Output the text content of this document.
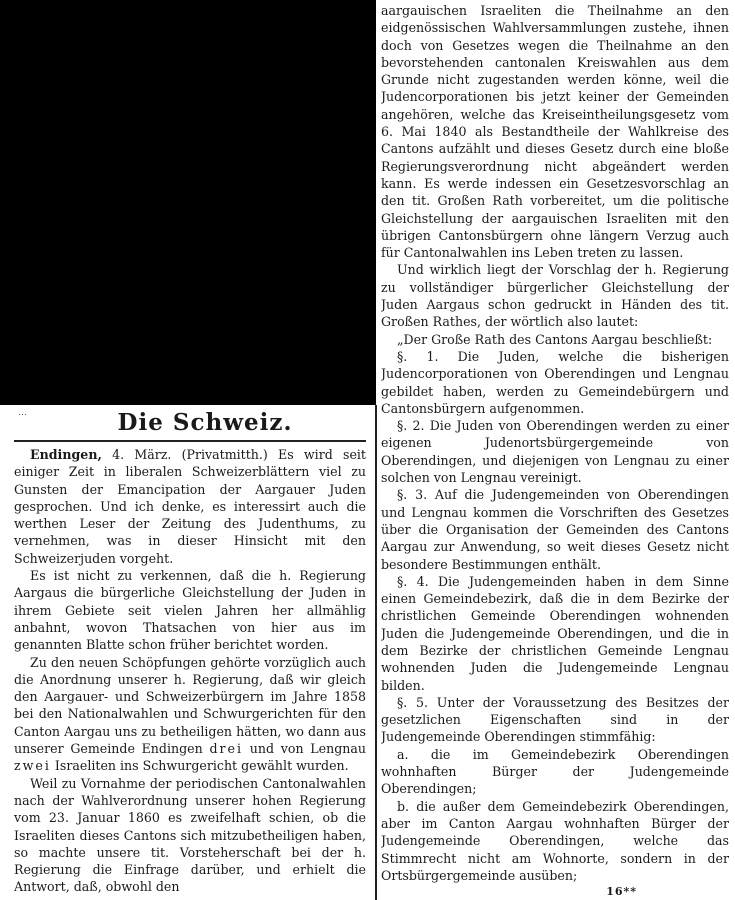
…	Die Schweiz.

Endingen, 4. März. (Privatmitth.) Es wird seit einiger Zeit in liberalen Schweizerblättern viel zu Gunsten der Emancipation der Aargauer Juden gesprochen. Und ich denke, es interessirt auch die werthen Leser der Zeitung des Judenthums, zu vernehmen, was in dieser Hinsicht mit den Schweizerjuden vorgeht.

Es ist nicht zu verkennen, daß die h. Regierung Aargaus die bürgerliche Gleichstellung der Juden in ihrem Gebiete seit vielen Jahren her allmählig anbahnt, wovon Thatsachen von hier aus im genannten Blatte schon früher berichtet worden.

Zu den neuen Schöpfungen gehörte vorzüglich auch die Anordnung unserer h. Regierung, daß wir gleich den Aargauer- und Schweizerbürgern im Jahre 1858 bei den Nationalwahlen und Schwurgerichten für den Canton Aargau uns zu betheiligen hätten, wo dann aus unserer Gemeinde Endingen drei und von Lengnau zwei Israeliten ins Schwurgericht gewählt wurden.

Weil zu Vornahme der periodischen Cantonalwahlen nach der Wahlverordnung unserer hohen Regierung vom 23. Januar 1860 es zweifelhaft schien, ob die Israeliten dieses Cantons sich mitzubetheiligen haben, so machte unsere tit. Vorsteherschaft bei der h. Regierung die Einfrage darüber, und erhielt die Antwort, daß, obwohl den

aargauischen Israeliten die Theilnahme an den eidgenössischen Wahlversammlungen zustehe, ihnen doch von Gesetzes wegen die Theilnahme an den bevorstehenden cantonalen Kreiswahlen aus dem Grunde nicht zugestanden werden könne, weil die Judencorporationen bis jetzt keiner der Gemeinden angehören, welche das Kreiseintheilungsgesetz vom 6. Mai 1840 als Bestandtheile der Wahlkreise des Cantons aufzählt und dieses Gesetz durch eine bloße Regierungsverordnung nicht abgeändert werden kann. Es werde indessen ein Gesetzesvorschlag an den tit. Großen Rath vorbereitet, um die politische Gleichstellung der aargauischen Israeliten mit den übrigen Cantonsbürgern ohne längern Verzug auch für Cantonalwahlen ins Leben treten zu lassen.

Und wirklich liegt der Vorschlag der h. Regierung zu vollständiger bürgerlicher Gleichstellung der Juden Aargaus schon gedruckt in Händen des tit. Großen Rathes, der wörtlich also lautet:

„Der Große Rath des Cantons Aargau beschließt:

§. 1. Die Juden, welche die bisherigen Judencorporationen von Oberendingen und Lengnau gebildet haben, werden zu Gemeindebürgern und Cantonsbürgern aufgenommen.

§. 2. Die Juden von Oberendingen werden zu einer eigenen Judenortsbürgergemeinde von Oberendingen, und diejenigen von Lengnau zu einer solchen von Lengnau vereinigt.

§. 3. Auf die Judengemeinden von Oberendingen und Lengnau kommen die Vorschriften des Gesetzes über die Organisation der Gemeinden des Cantons Aargau zur Anwendung, so weit dieses Gesetz nicht besondere Bestimmungen enthält.

§. 4. Die Judengemeinden haben in dem Sinne einen Gemeindebezirk, daß die in dem Bezirke der christlichen Gemeinde Oberendingen wohnenden Juden die Judengemeinde Oberendingen, und die in dem Bezirke der christlichen Gemeinde Lengnau wohnenden Juden die Judengemeinde Lengnau bilden.

§. 5. Unter der Voraussetzung des Besitzes der gesetzlichen Eigenschaften sind in der Judengemeinde Oberendingen stimmfähig:

a. die im Gemeindebezirk Oberendingen wohnhaften Bürger der Judengemeinde Oberendingen;

b. die außer dem Gemeindebezirk Oberendingen, aber im Canton Aargau wohnhaften Bürger der Judengemeinde Oberendingen, welche das Stimmrecht nicht am Wohnorte, sondern in der Ortsbürgergemeinde ausüben;

16**
